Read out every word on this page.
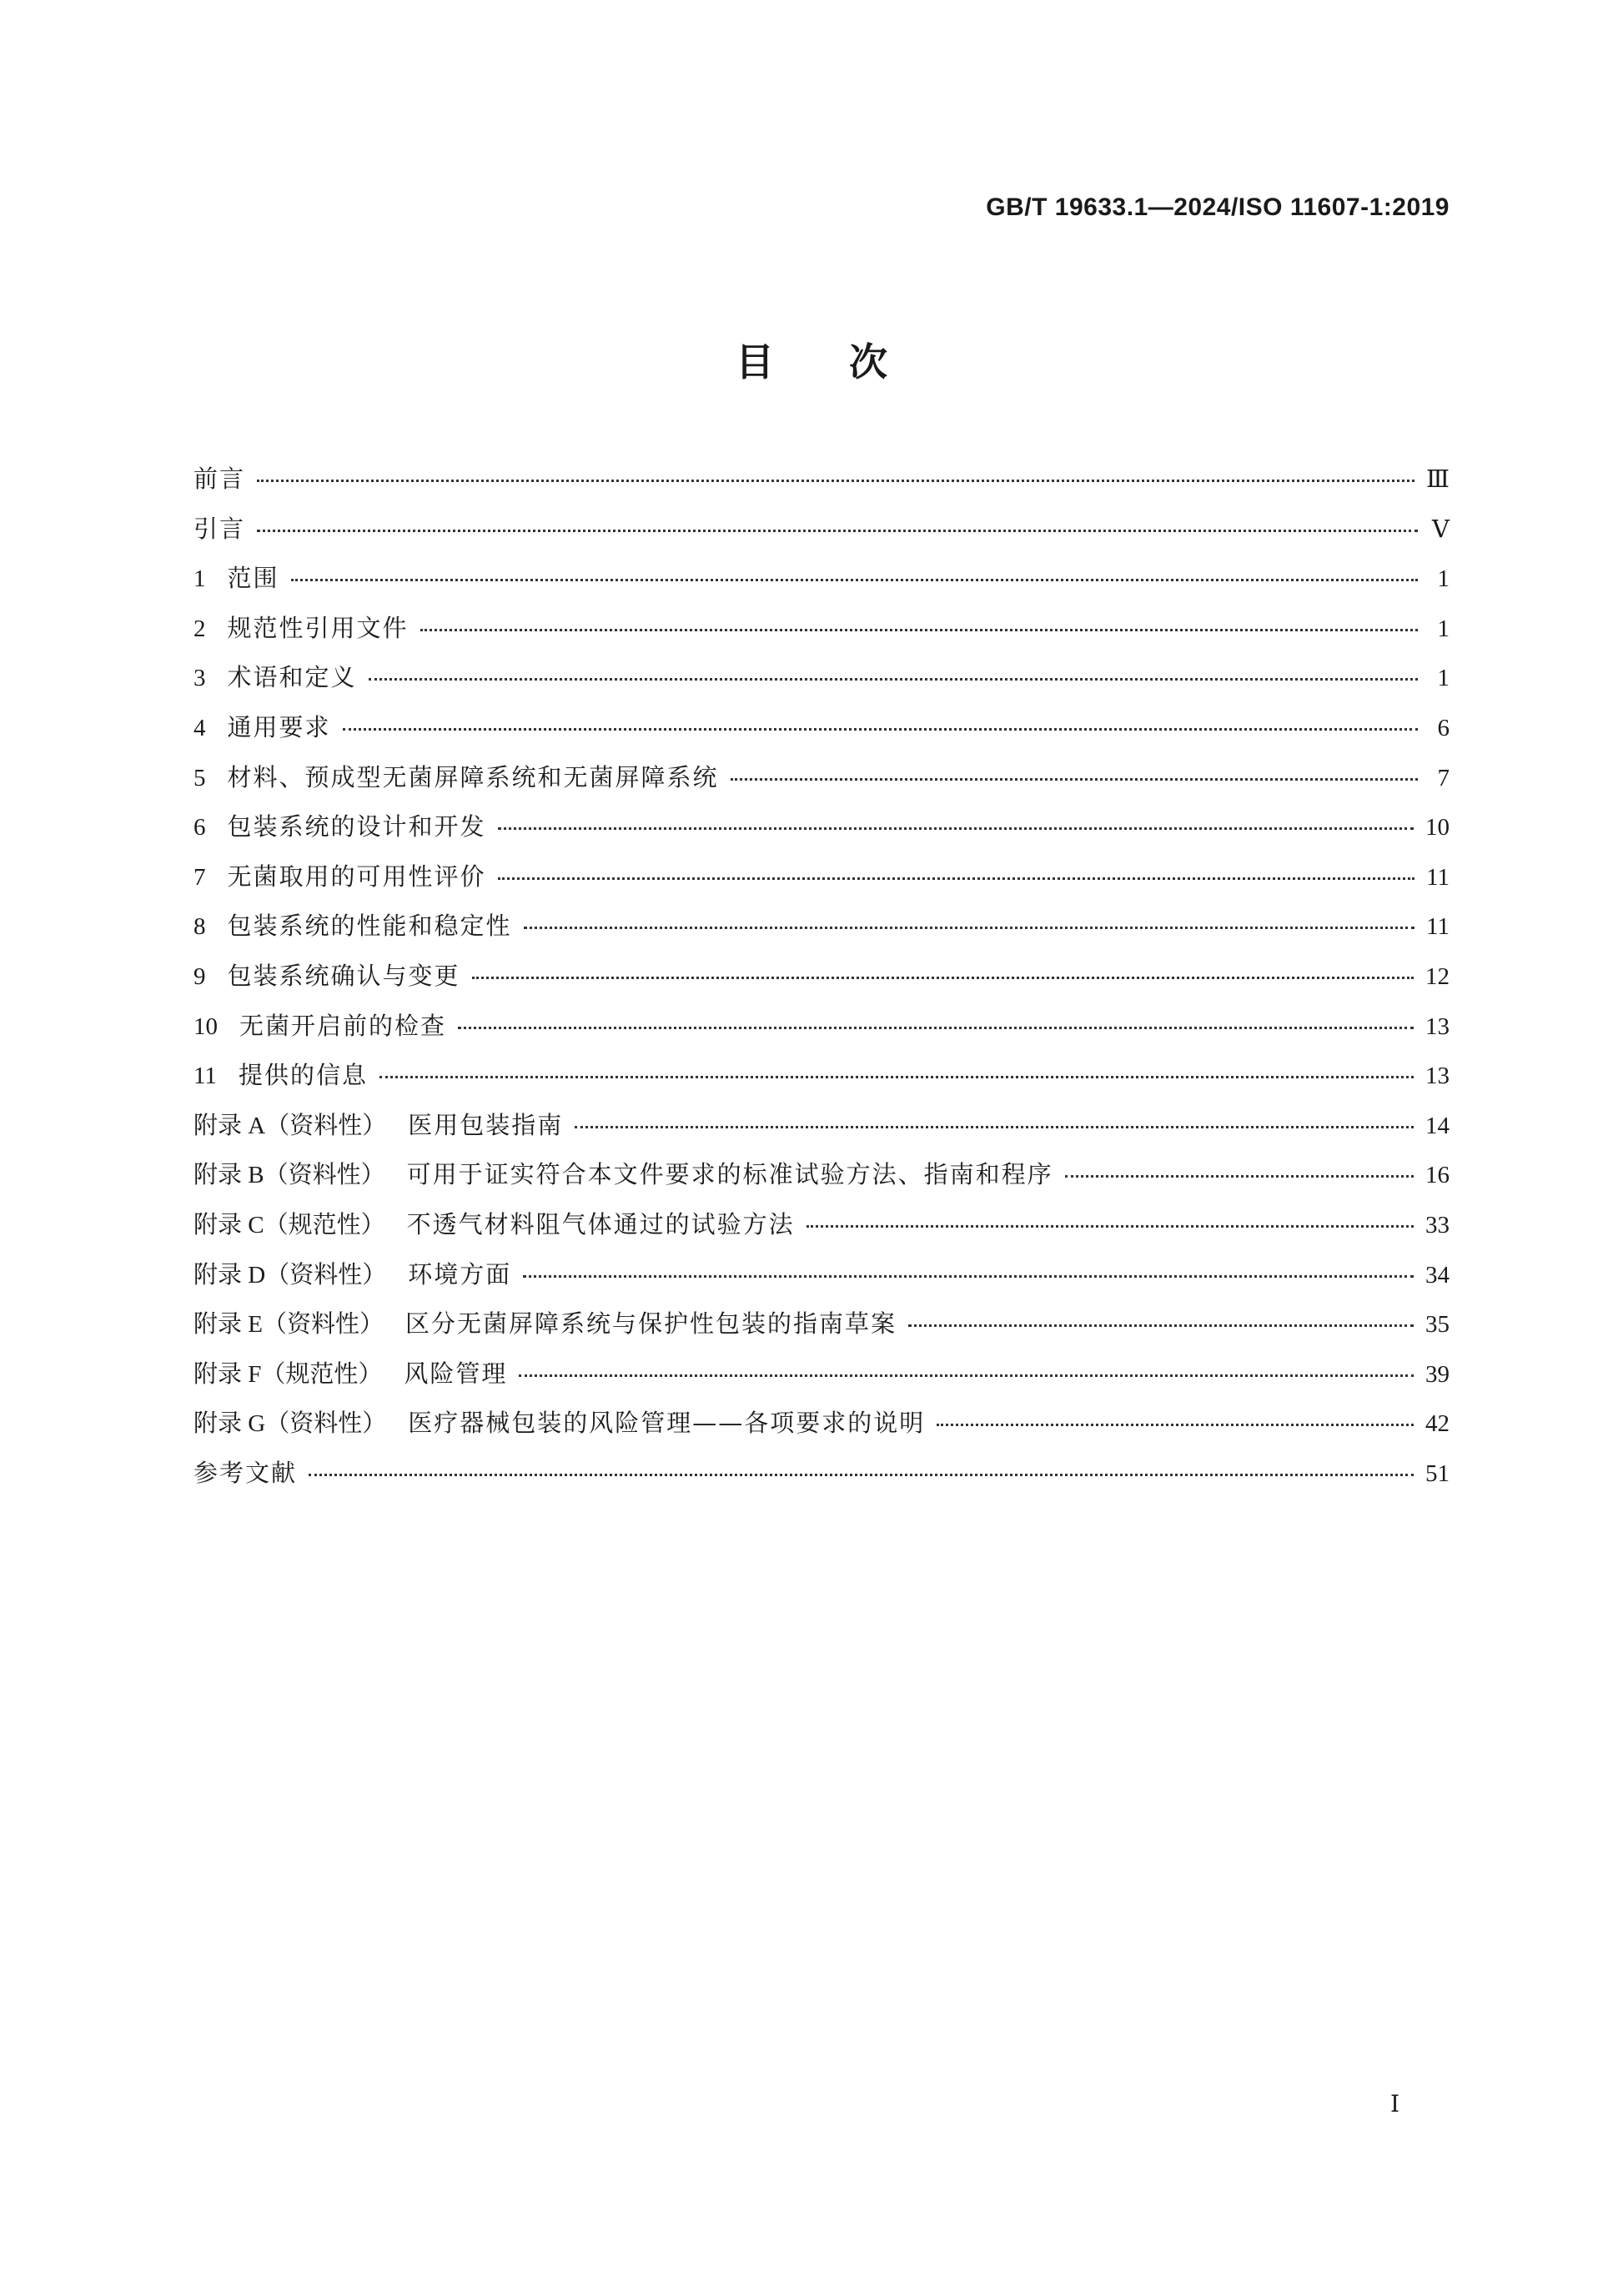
GB/T 19633.1—2024/ISO 11607-1:2019
目次
前言	Ⅲ
引言	Ⅴ
1 范围	1
2 规范性引用文件	1
3 术语和定义	1
4 通用要求	6
5 材料、预成型无菌屏障系统和无菌屏障系统	7
6 包装系统的设计和开发	10
7 无菌取用的可用性评价	11
8 包装系统的性能和稳定性	11
9 包装系统确认与变更	12
10 无菌开启前的检查	13
11 提供的信息	13
附录 A（资料性） 医用包装指南	14
附录 B（资料性） 可用于证实符合本文件要求的标准试验方法、指南和程序	16
附录 C（规范性） 不透气材料阻气体通过的试验方法	33
附录 D（资料性） 环境方面	34
附录 E（资料性） 区分无菌屏障系统与保护性包装的指南草案	35
附录 F（规范性） 风险管理	39
附录 G（资料性） 医疗器械包装的风险管理——各项要求的说明	42
参考文献	51
Ⅰ
